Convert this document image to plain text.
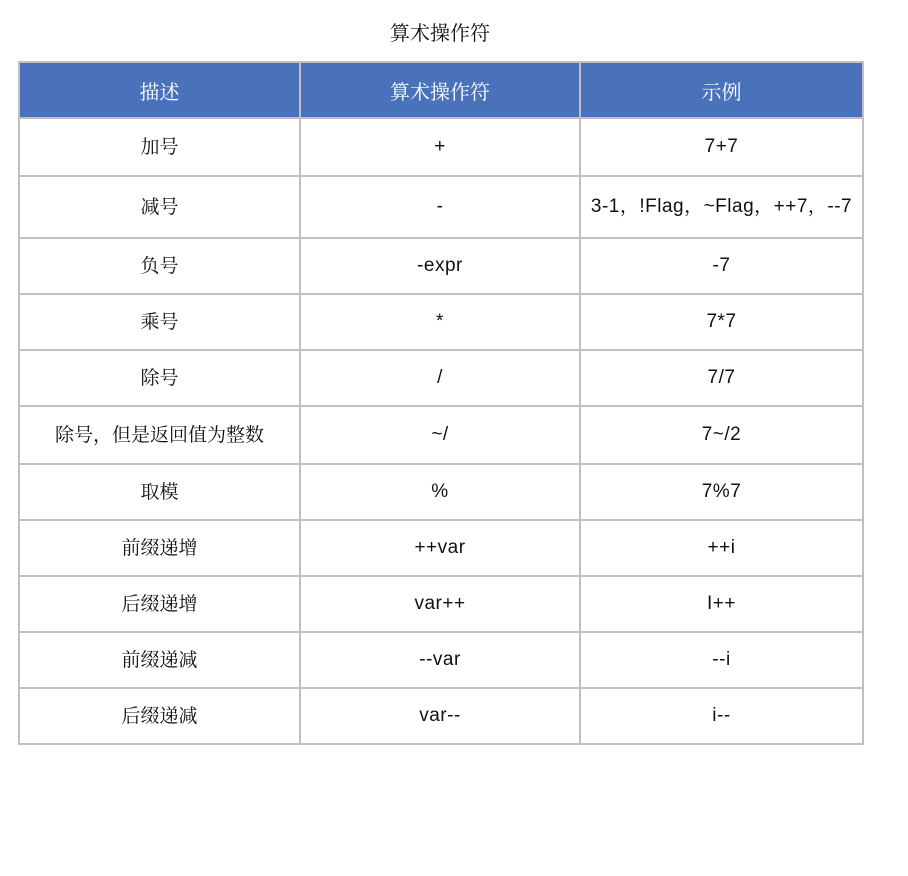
算术操作符
描述	算术操作符	示例
加号	+	7+7
减号	-	3-1，!Flag，~Flag，++7，--7
负号	-expr	-7
乘号	*	7*7
除号	/	7/7
除号，但是返回值为整数	~/	7~/2
取模	%	7%7
前缀递增	++var	++i
后缀递增	var++	I++
前缀递减	--var	--i
后缀递减	var--	i--
